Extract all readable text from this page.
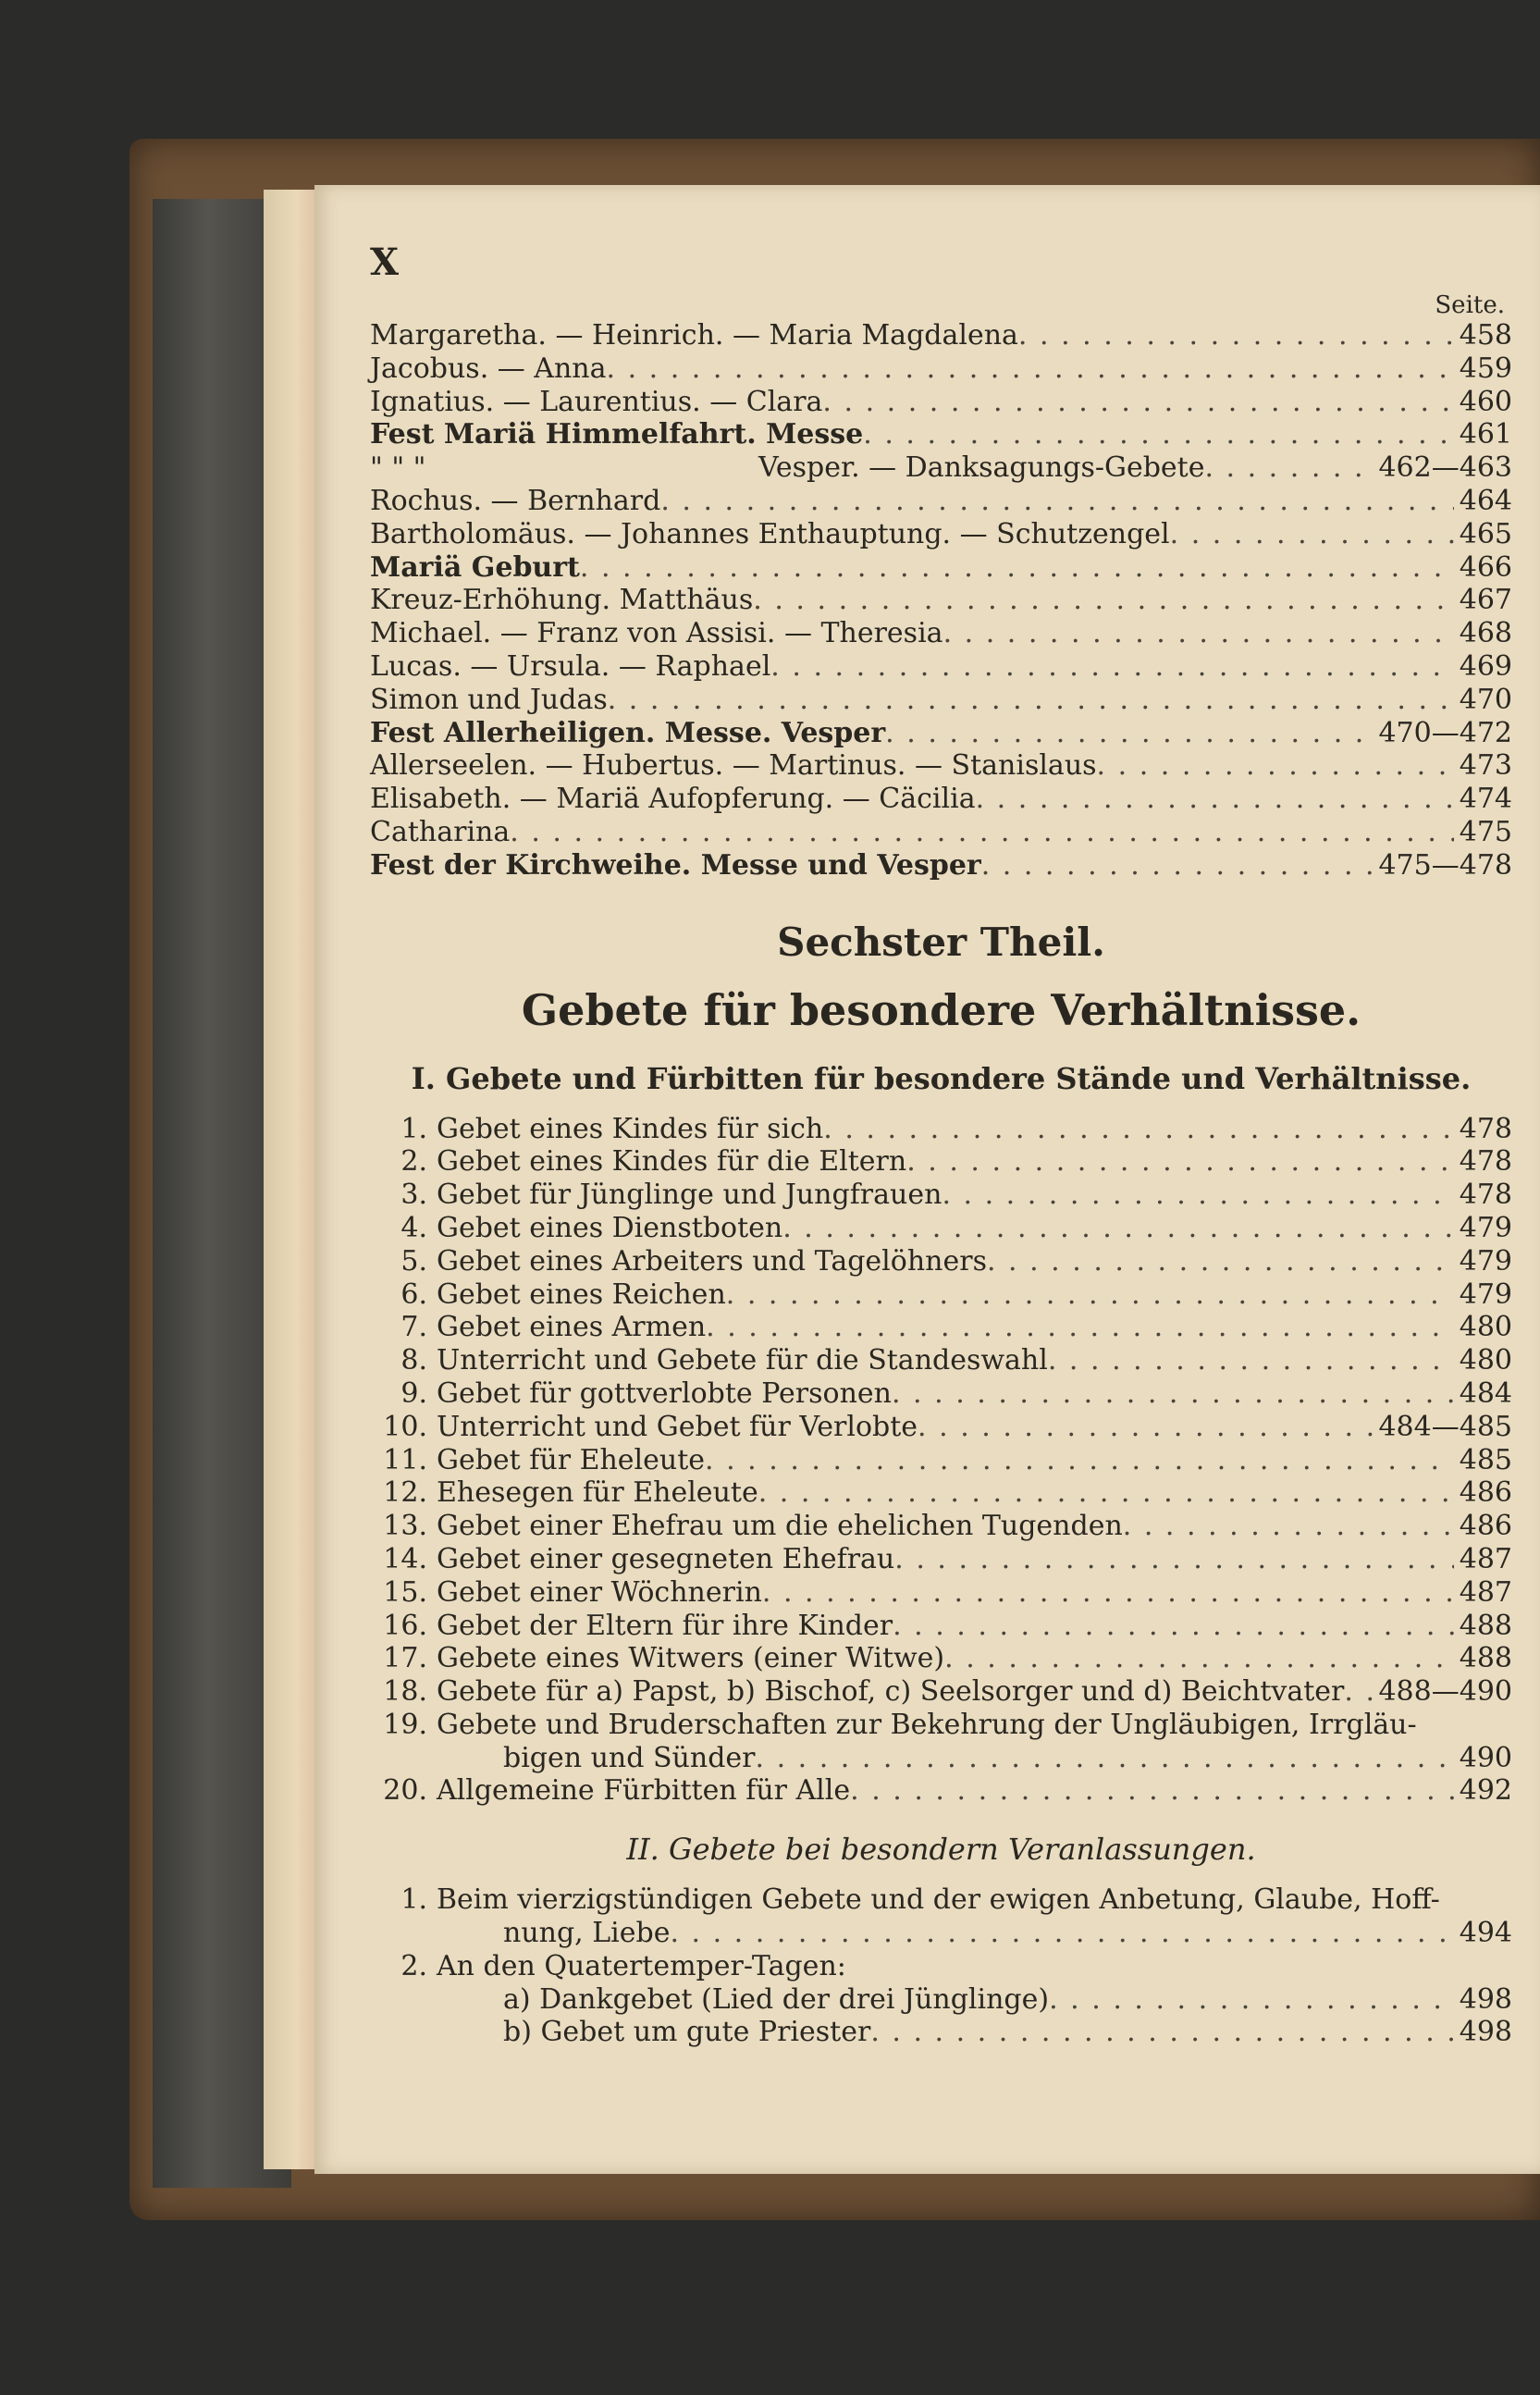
X
Seite.
Margaretha. — Heinrich. — Maria Magdalena . . .	458
Jacobus. — Anna . . .	459
Ignatius. — Laurentius. — Clara . . .	460
Fest Mariä Himmelfahrt. Messe . . .	461
" " "	Vesper. — Danksagungs-Gebete . . .	462—463
Rochus. — Bernhard . . .	464
Bartholomäus. — Johannes Enthauptung. — Schutzengel . . .	465
Mariä Geburt . . .	466
Kreuz-Erhöhung. Matthäus . . .	467
Michael. — Franz von Assisi. — Theresia . . .	468
Lucas. — Ursula. — Raphael . . .	469
Simon und Judas . . .	470
Fest Allerheiligen. Messe. Vesper . . .	470—472
Allerseelen. — Hubertus. — Martinus. — Stanislaus . . .	473
Elisabeth. — Mariä Aufopferung. — Cäcilia . . .	474
Catharina . . .	475
Fest der Kirchweihe. Messe und Vesper . . .	475—478
Sechster Theil.
Gebete für besondere Verhältnisse.
I. Gebete und Fürbitten für besondere Stände und Verhältnisse.
1. Gebet eines Kindes für sich . . .	478
2. Gebet eines Kindes für die Eltern . . .	478
3. Gebet für Jünglinge und Jungfrauen . . .	478
4. Gebet eines Dienstboten . . .	479
5. Gebet eines Arbeiters und Tagelöhners . . .	479
6. Gebet eines Reichen . . .	479
7. Gebet eines Armen . . .	480
8. Unterricht und Gebete für die Standeswahl . . .	480
9. Gebet für gottverlobte Personen . . .	484
10. Unterricht und Gebet für Verlobte . . .	484—485
11. Gebet für Eheleute . . .	485
12. Ehesegen für Eheleute . . .	486
13. Gebet einer Ehefrau um die ehelichen Tugenden . . .	486
14. Gebet einer gesegneten Ehefrau . . .	487
15. Gebet einer Wöchnerin . . .	487
16. Gebet der Eltern für ihre Kinder . . .	488
17. Gebete eines Witwers (einer Witwe) . . .	488
18. Gebete für a) Papst, b) Bischof, c) Seelsorger und d) Beichtvater . . . 488—490
19. Gebete und Bruderschaften zur Bekehrung der Ungläubigen, Irrgläu-
bigen und Sünder . . .	490
20. Allgemeine Fürbitten für Alle . . .	492
II. Gebete bei besondern Veranlassungen.
1. Beim vierzigstündigen Gebete und der ewigen Anbetung, Glaube, Hoff-
nung, Liebe . . .	494
2. An den Quatertemper-Tagen:
a) Dankgebet (Lied der drei Jünglinge) . . .	498
b) Gebet um gute Priester . . .	498
